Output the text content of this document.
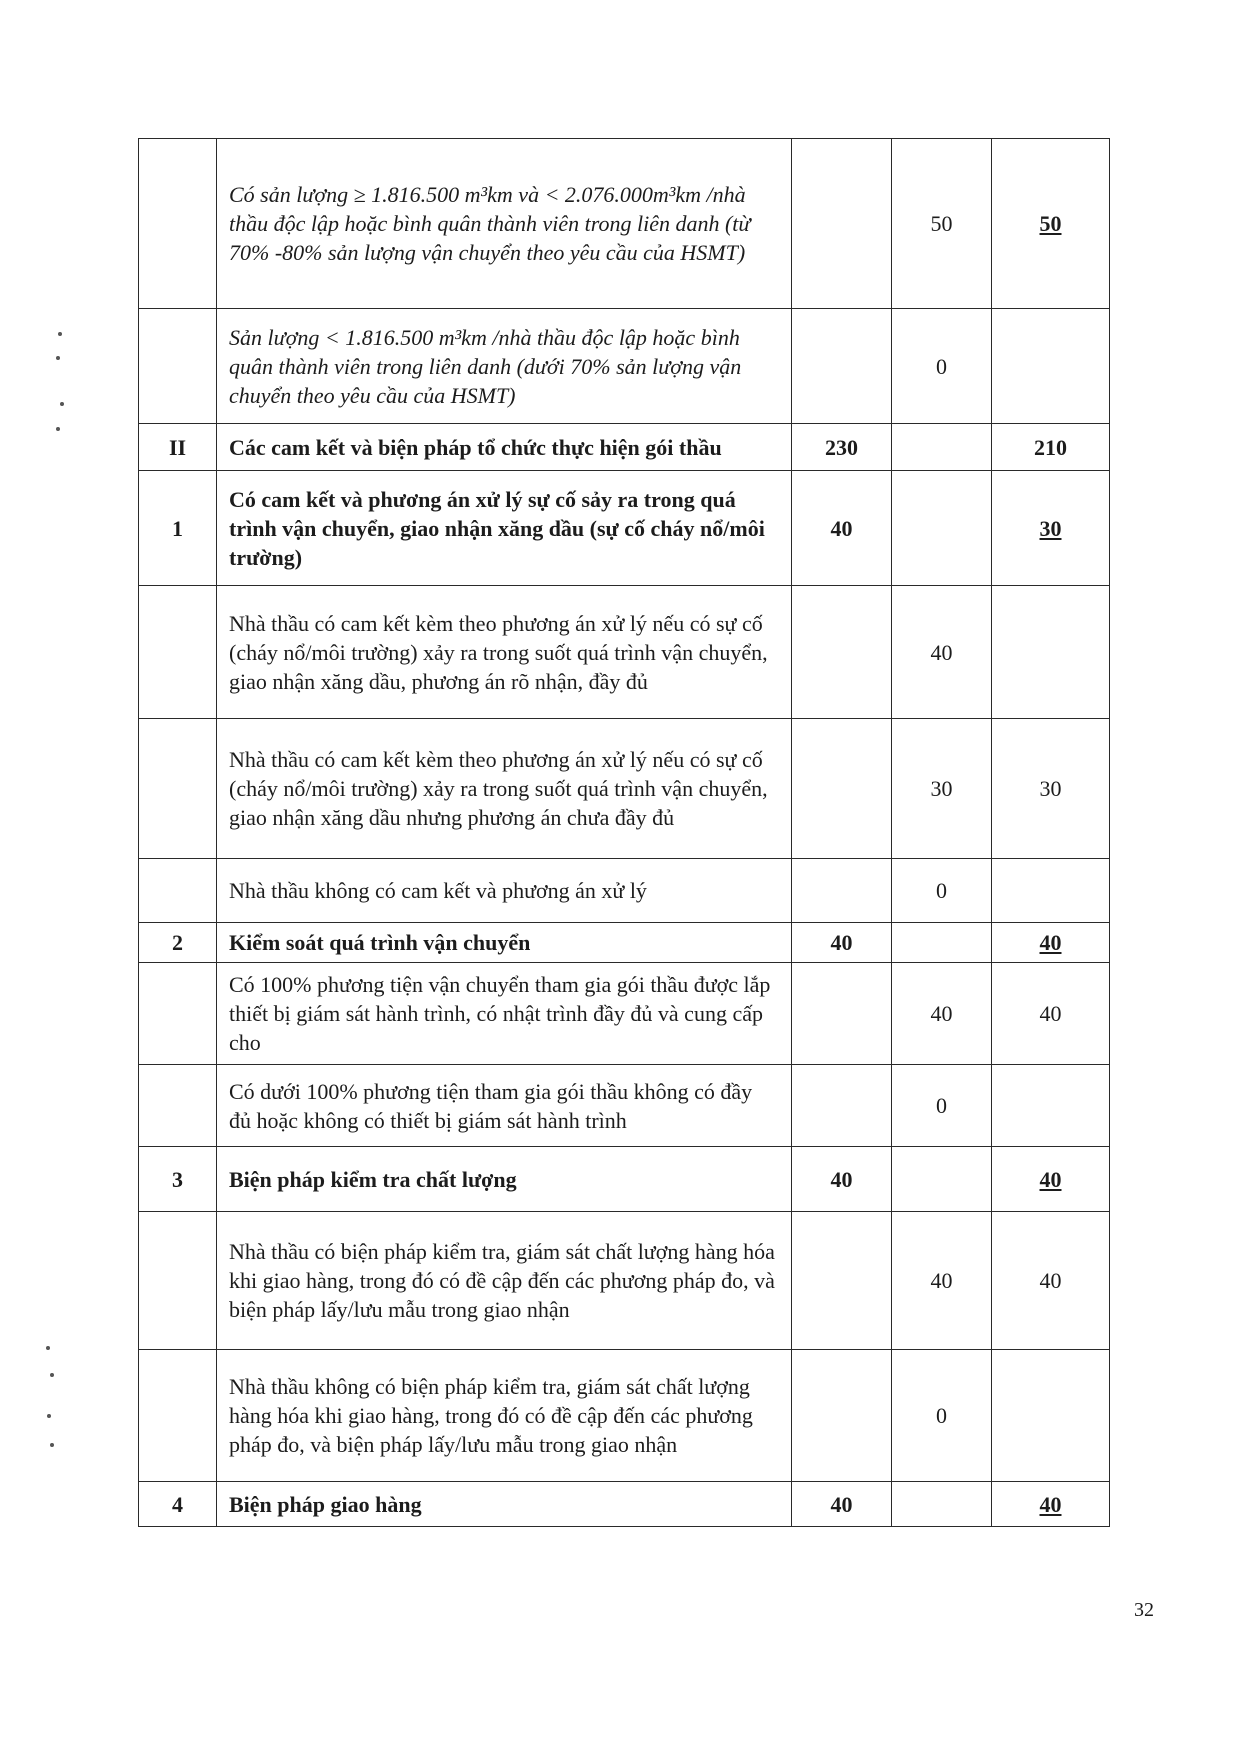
	Có sản lượng ≥ 1.816.500 m³km và < 2.076.000m³km /nhà thầu độc lập hoặc bình quân thành viên trong liên danh (từ 70% -80% sản lượng vận chuyển theo yêu cầu của HSMT)		50	50
	Sản lượng < 1.816.500 m³km /nhà thầu độc lập hoặc bình quân thành viên trong liên danh (dưới 70% sản lượng vận chuyển theo yêu cầu của HSMT)		0	
II	Các cam kết và biện pháp tổ chức thực hiện gói thầu	230		210
1	Có cam kết và phương án xử lý sự cố sảy ra trong quá trình vận chuyển, giao nhận xăng dầu (sự cố cháy nổ/môi trường)	40		30
	Nhà thầu có cam kết kèm theo phương án xử lý nếu có sự cố (cháy nổ/môi trường) xảy ra trong suốt quá trình vận chuyển, giao nhận xăng dầu, phương án rõ nhận, đầy đủ		40	
	Nhà thầu có cam kết kèm theo phương án xử lý nếu có sự cố (cháy nổ/môi trường) xảy ra trong suốt quá trình vận chuyển, giao nhận xăng dầu nhưng phương án chưa đầy đủ		30	30
	Nhà thầu không có cam kết và phương án xử lý		0	
2	Kiểm soát quá trình vận chuyển	40		40
	Có 100% phương tiện vận chuyển tham gia gói thầu được lắp thiết bị giám sát hành trình, có nhật trình đầy đủ và cung cấp cho		40	40
	Có dưới 100% phương tiện tham gia gói thầu không có đầy đủ hoặc không có thiết bị giám sát hành trình		0	
3	Biện pháp kiểm tra chất lượng	40		40
	Nhà thầu có biện pháp kiểm tra, giám sát chất lượng hàng hóa khi giao hàng, trong đó có đề cập đến các phương pháp đo, và biện pháp lấy/lưu mẫu trong giao nhận		40	40
	Nhà thầu không có biện pháp kiểm tra, giám sát chất lượng hàng hóa khi giao hàng, trong đó có đề cập đến các phương pháp đo, và biện pháp lấy/lưu mẫu trong giao nhận		0	
4	Biện pháp giao hàng	40		40
32
